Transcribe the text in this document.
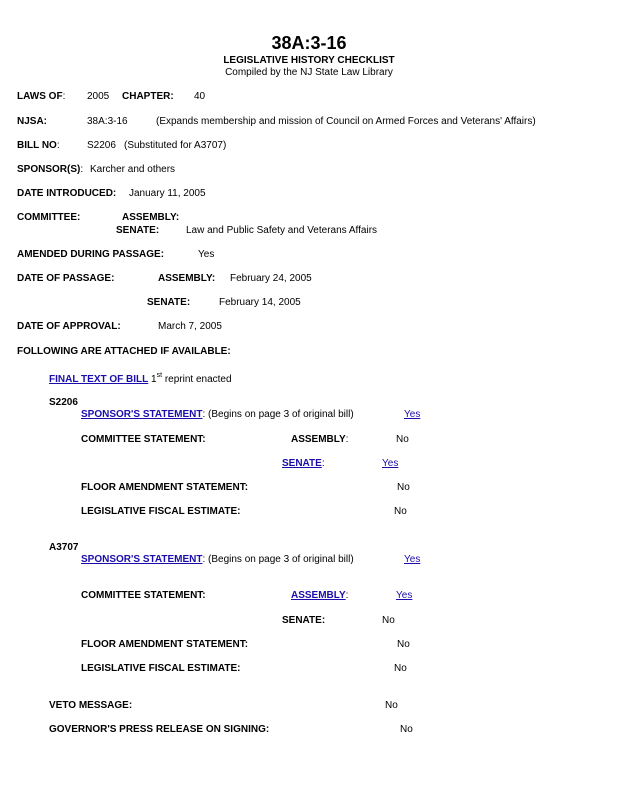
38A:3-16
LEGISLATIVE HISTORY CHECKLIST
Compiled by the NJ State Law Library
LAWS OF: 2005 CHAPTER: 40
NJSA:	38A:3-16	(Expands membership and mission of Council on Armed Forces and Veterans' Affairs)
BILL NO:	S2206 (Substituted for A3707)
SPONSOR(S): Karcher and others
DATE INTRODUCED: January 11, 2005
COMMITTEE:	ASSEMBLY:
SENATE:	Law and Public Safety and Veterans Affairs
AMENDED DURING PASSAGE:	Yes
DATE OF PASSAGE:	ASSEMBLY: February 24, 2005
SENATE:	February 14, 2005
DATE OF APPROVAL:	March 7, 2005
FOLLOWING ARE ATTACHED IF AVAILABLE:
FINAL TEXT OF BILL 1st reprint enacted
S2206
SPONSOR'S STATEMENT: (Begins on page 3 of original bill)	Yes
COMMITTEE STATEMENT:	ASSEMBLY:	No
SENATE:	Yes
FLOOR AMENDMENT STATEMENT:	No
LEGISLATIVE FISCAL ESTIMATE:	No
A3707
SPONSOR'S STATEMENT: (Begins on page 3 of original bill)	Yes
COMMITTEE STATEMENT:	ASSEMBLY:	Yes
SENATE:	No
FLOOR AMENDMENT STATEMENT:	No
LEGISLATIVE FISCAL ESTIMATE:	No
VETO MESSAGE:	No
GOVERNOR'S PRESS RELEASE ON SIGNING:	No
